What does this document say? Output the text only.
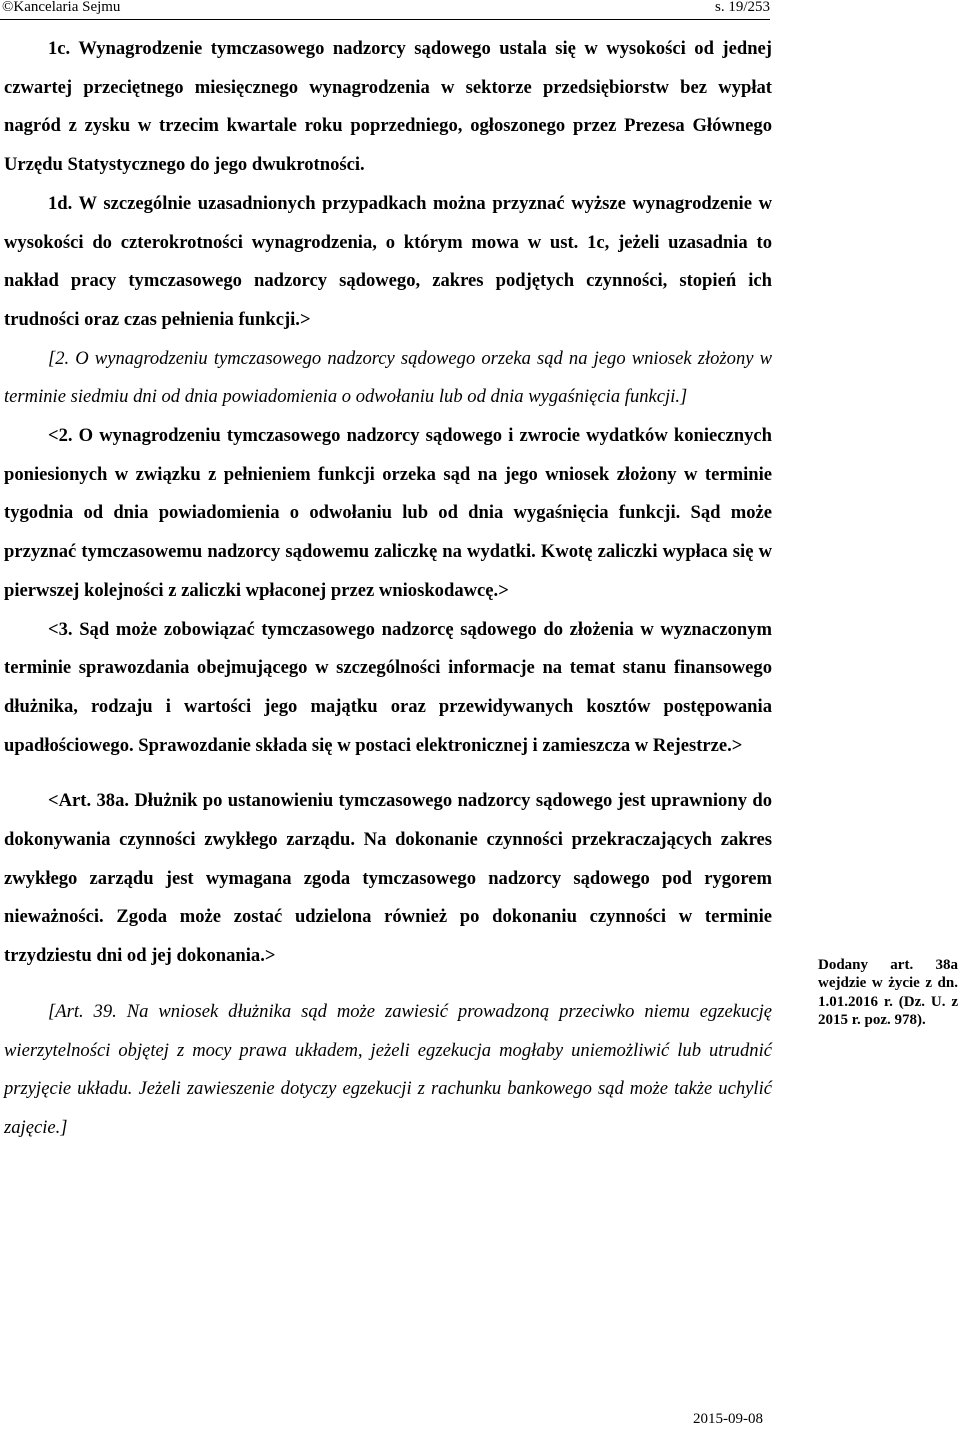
©Kancelaria Sejmu	s. 19/253

1c. Wynagrodzenie tymczasowego nadzorcy sądowego ustala się w wysokości od jednej czwartej przeciętnego miesięcznego wynagrodzenia w sektorze przedsiębiorstw bez wypłat nagród z zysku w trzecim kwartale roku poprzedniego, ogłoszonego przez Prezesa Głównego Urzędu Statystycznego do jego dwukrotności.

1d. W szczególnie uzasadnionych przypadkach można przyznać wyższe wynagrodzenie w wysokości do czterokrotności wynagrodzenia, o którym mowa w ust. 1c, jeżeli uzasadnia to nakład pracy tymczasowego nadzorcy sądowego, zakres podjętych czynności, stopień ich trudności oraz czas pełnienia funkcji.>

[2. O wynagrodzeniu tymczasowego nadzorcy sądowego orzeka sąd na jego wniosek złożony w terminie siedmiu dni od dnia powiadomienia o odwołaniu lub od dnia wygaśnięcia funkcji.]

<2. O wynagrodzeniu tymczasowego nadzorcy sądowego i zwrocie wydatków koniecznych poniesionych w związku z pełnieniem funkcji orzeka sąd na jego wniosek złożony w terminie tygodnia od dnia powiadomienia o odwołaniu lub od dnia wygaśnięcia funkcji. Sąd może przyznać tymczasowemu nadzorcy sądowemu zaliczkę na wydatki. Kwotę zaliczki wypłaca się w pierwszej kolejności z zaliczki wpłaconej przez wnioskodawcę.>

<3. Sąd może zobowiązać tymczasowego nadzorcę sądowego do złożenia w wyznaczonym terminie sprawozdania obejmującego w szczególności informacje na temat stanu finansowego dłużnika, rodzaju i wartości jego majątku oraz przewidywanych kosztów postępowania upadłościowego. Sprawozdanie składa się w postaci elektronicznej i zamieszcza w Rejestrze.>

<Art. 38a. Dłużnik po ustanowieniu tymczasowego nadzorcy sądowego jest uprawniony do dokonywania czynności zwykłego zarządu. Na dokonanie czynności przekraczających zakres zwykłego zarządu jest wymagana zgoda tymczasowego nadzorcy sądowego pod rygorem nieważności. Zgoda może zostać udzielona również po dokonaniu czynności w terminie trzydziestu dni od jej dokonania.>

[Art. 39. Na wniosek dłużnika sąd może zawiesić prowadzoną przeciwko niemu egzekucję wierzytelności objętej z mocy prawa układem, jeżeli egzekucja mogłaby uniemożliwić lub utrudnić przyjęcie układu. Jeżeli zawieszenie dotyczy egzekucji z rachunku bankowego sąd może także uchylić zajęcie.]

Dodany art. 38a wejdzie w życie z dn. 1.01.2016 r. (Dz. U. z 2015 r. poz. 978).
2015-09-08
